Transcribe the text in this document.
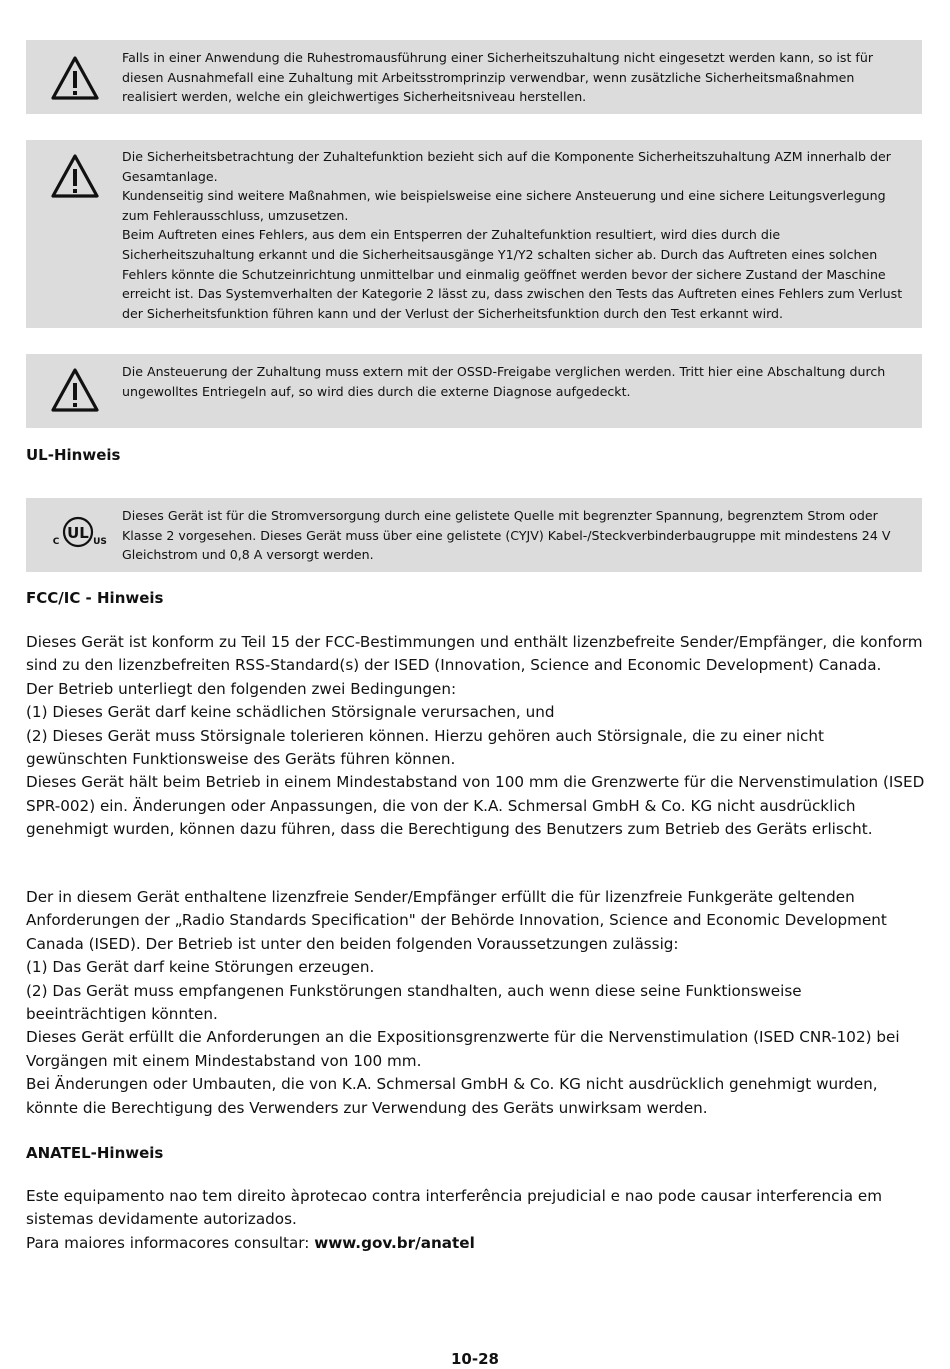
Falls in einer Anwendung die Ruhestromausführung einer Sicherheitszuhaltung nicht eingesetzt werden kann, so ist für diesen Ausnahmefall eine Zuhaltung mit Arbeitsstromprinzip verwendbar, wenn zusätzliche Sicherheitsmaßnahmen realisiert werden, welche ein gleichwertiges Sicherheitsniveau herstellen.

Die Sicherheitsbetrachtung der Zuhaltefunktion bezieht sich auf die Komponente Sicherheitszuhaltung AZM innerhalb der Gesamtanlage.

Kundenseitig sind weitere Maßnahmen, wie beispielsweise eine sichere Ansteuerung und eine sichere Leitungsverlegung zum Fehlerausschluss, umzusetzen.

Beim Auftreten eines Fehlers, aus dem ein Entsperren der Zuhaltefunktion resultiert, wird dies durch die Sicherheitszuhaltung erkannt und die Sicherheitsausgänge Y1/Y2 schalten sicher ab. Durch das Auftreten eines solchen Fehlers könnte die Schutzeinrichtung unmittelbar und einmalig geöffnet werden bevor der sichere Zustand der Maschine erreicht ist. Das Systemverhalten der Kategorie 2 lässt zu, dass zwischen den Tests das Auftreten eines Fehlers zum Verlust der Sicherheitsfunktion führen kann und der Verlust der Sicherheitsfunktion durch den Test erkannt wird.

Die Ansteuerung der Zuhaltung muss extern mit der OSSD-Freigabe verglichen werden. Tritt hier eine Abschaltung durch ungewolltes Entriegeln auf, so wird dies durch die externe Diagnose aufgedeckt.

UL-Hinweis
UL
C	US

Dieses Gerät ist für die Stromversorgung durch eine gelistete Quelle mit begrenzter Spannung, begrenztem Strom oder Klasse 2 vorgesehen. Dieses Gerät muss über eine gelistete (CYJV) Kabel-/Steckverbinderbaugruppe mit mindestens 24 V Gleichstrom und 0,8 A versorgt werden.

FCC/IC - Hinweis

Dieses Gerät ist konform zu Teil 15 der FCC-Bestimmungen und enthält lizenzbefreite Sender/Empfänger, die konform sind zu den lizenzbefreiten RSS-Standard(s) der ISED (Innovation, Science and Economic Development) Canada.

Der Betrieb unterliegt den folgenden zwei Bedingungen:

(1) Dieses Gerät darf keine schädlichen Störsignale verursachen, und

(2) Dieses Gerät muss Störsignale tolerieren können. Hierzu gehören auch Störsignale, die zu einer nicht gewünschten Funktionsweise des Geräts führen können.

Dieses Gerät hält beim Betrieb in einem Mindestabstand von 100 mm die Grenzwerte für die Nervenstimulation (ISED SPR-002) ein. Änderungen oder Anpassungen, die von der K.A. Schmersal GmbH & Co. KG nicht ausdrücklich genehmigt wurden, können dazu führen, dass die Berechtigung des Benutzers zum Betrieb des Geräts erlischt.

Der in diesem Gerät enthaltene lizenzfreie Sender/Empfänger erfüllt die für lizenzfreie Funkgeräte geltenden Anforderungen der „Radio Standards Specification" der Behörde Innovation, Science and Economic Development Canada (ISED). Der Betrieb ist unter den beiden folgenden Voraussetzungen zulässig:

(1) Das Gerät darf keine Störungen erzeugen.

(2) Das Gerät muss empfangenen Funkstörungen standhalten, auch wenn diese seine Funktionsweise beeinträchtigen könnten.

Dieses Gerät erfüllt die Anforderungen an die Expositionsgrenzwerte für die Nervenstimulation (ISED CNR-102) bei Vorgängen mit einem Mindestabstand von 100 mm.

Bei Änderungen oder Umbauten, die von K.A. Schmersal GmbH & Co. KG nicht ausdrücklich genehmigt wurden, könnte die Berechtigung des Verwenders zur Verwendung des Geräts unwirksam werden.

ANATEL-Hinweis

Este equipamento nao tem direito àprotecao contra interferência prejudicial e nao pode causar interferencia em sistemas devidamente autorizados.

Para maiores informacores consultar: www.gov.br/anatel

10-28
